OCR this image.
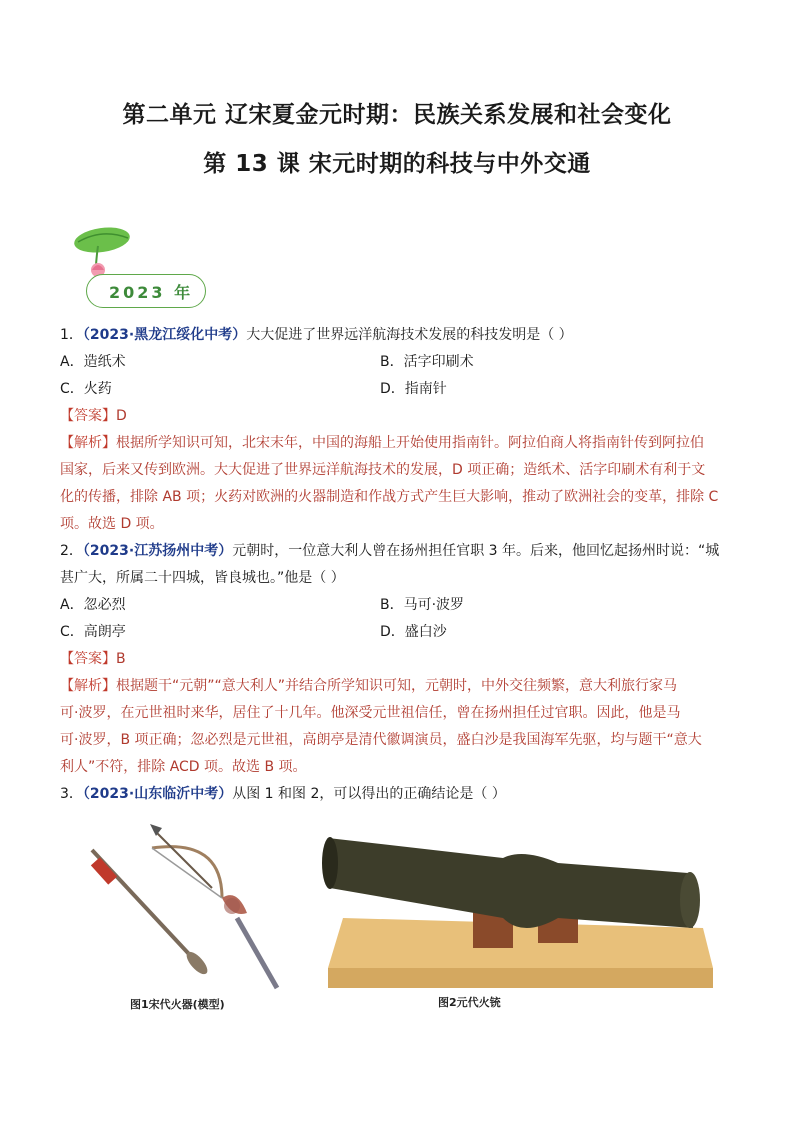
第二单元 辽宋夏金元时期：民族关系发展和社会变化
第 13 课 宋元时期的科技与中外交通
2023 年
1．（2023·黑龙江绥化中考）大大促进了世界远洋航海技术发展的科技发明是（ ）
A．造纸术	B．活字印刷术
C．火药	D．指南针
【答案】D
【解析】根据所学知识可知，北宋末年，中国的海船上开始使用指南针。阿拉伯商人将指南针传到阿拉伯
国家，后来又传到欧洲。大大促进了世界远洋航海技术的发展，D 项正确；造纸术、活字印刷术有利于文
化的传播，排除 AB 项；火药对欧洲的火器制造和作战方式产生巨大影响，推动了欧洲社会的变革，排除 C
项。故选 D 项。
2．（2023·江苏扬州中考）元朝时，一位意大利人曾在扬州担任官职 3 年。后来，他回忆起扬州时说：“城
甚广大，所属二十四城，皆良城也。”他是（ ）
A．忽必烈	B．马可·波罗
C．高朗亭	D．盛白沙
【答案】B
【解析】根据题干“元朝”“意大利人”并结合所学知识可知，元朝时，中外交往频繁，意大利旅行家马
可·波罗，在元世祖时来华，居住了十几年。他深受元世祖信任，曾在扬州担任过官职。因此，他是马
可·波罗，B 项正确；忽必烈是元世祖，高朗亭是清代徽调演员，盛白沙是我国海军先驱，均与题干“意大
利人”不符，排除 ACD 项。故选 B 项。
3．（2023·山东临沂中考）从图 1 和图 2，可以得出的正确结论是（ ）
图1宋代火器(模型)	图2元代火铳
